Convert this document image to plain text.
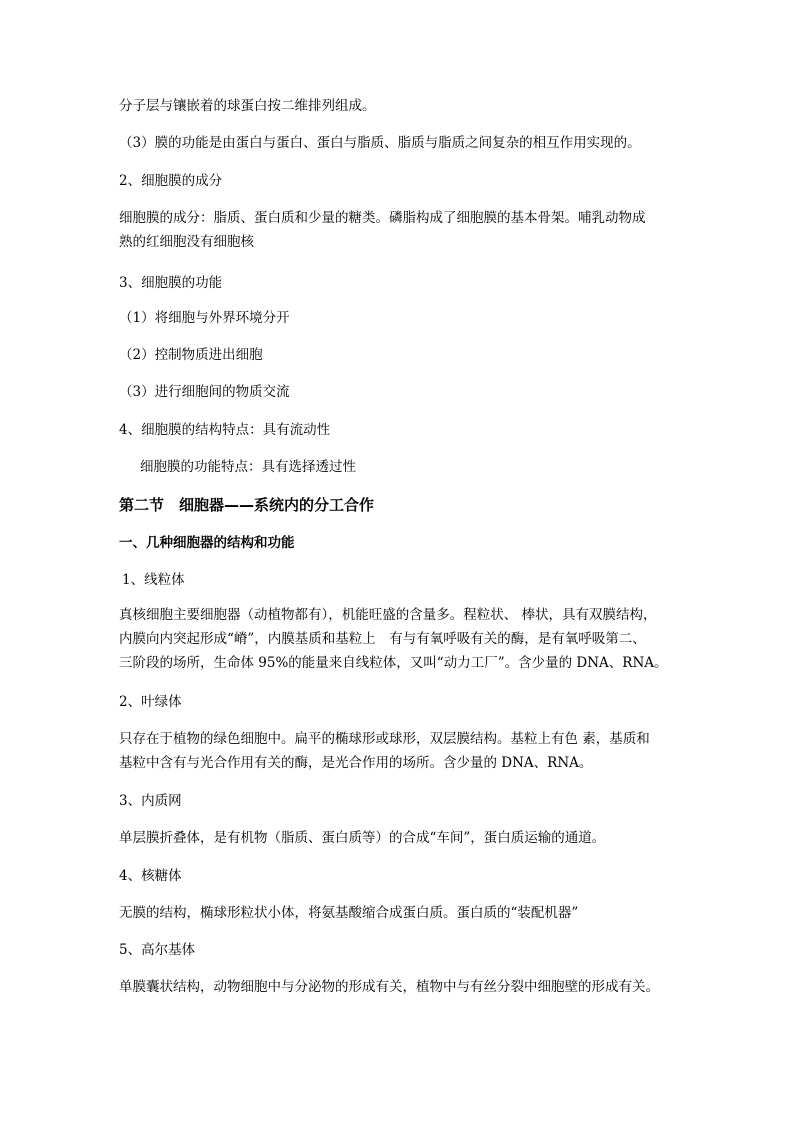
分子层与镶嵌着的球蛋白按二维排列组成。
（3）膜的功能是由蛋白与蛋白、蛋白与脂质、脂质与脂质之间复杂的相互作用实现的。
2、细胞膜的成分
细胞膜的成分：脂质、蛋白质和少量的糖类。磷脂构成了细胞膜的基本骨架。哺乳动物成
熟的红细胞没有细胞核
3、细胞膜的功能
（1）将细胞与外界环境分开
（2）控制物质进出细胞
（3）进行细胞间的物质交流
4、细胞膜的结构特点：具有流动性
细胞膜的功能特点：具有选择透过性
第二节　细胞器——系统内的分工合作
一、几种细胞器的结构和功能
1、线粒体
真核细胞主要细胞器（动植物都有），机能旺盛的含量多。程粒状、 棒状，具有双膜结构，
内膜向内突起形成“嵴”，内膜基质和基粒上　有与有氧呼吸有关的酶，是有氧呼吸第二、
三阶段的场所，生命体 95%的能量来自线粒体，又叫“动力工厂”。含少量的 DNA、RNA。
2、叶绿体
只存在于植物的绿色细胞中。扁平的椭球形或球形，双层膜结构。基粒上有色 素，基质和
基粒中含有与光合作用有关的酶，是光合作用的场所。含少量的 DNA、RNA。
3、内质网
单层膜折叠体，是有机物（脂质、蛋白质等）的合成“车间”，蛋白质运输的通道。
4、核糖体
无膜的结构，椭球形粒状小体，将氨基酸缩合成蛋白质。蛋白质的“装配机器”
5、高尔基体
单膜囊状结构，动物细胞中与分泌物的形成有关，植物中与有丝分裂中细胞壁的形成有关。
